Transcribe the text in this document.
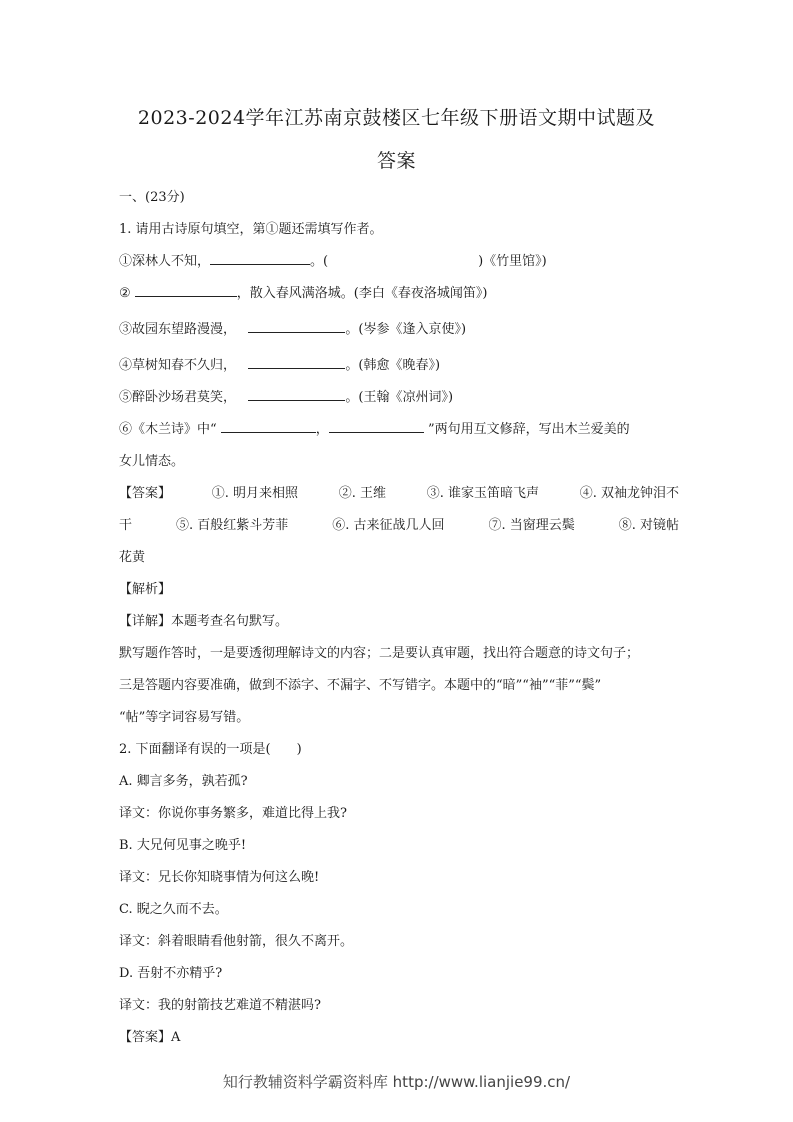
2023-2024学年江苏南京鼓楼区七年级下册语文期中试题及
答案
一、(23分)
1. 请用古诗原句填空，第①题还需填写作者。
①深林人不知，	。(	)《竹里馆》)
②	，散入春风满洛城。(李白《春夜洛城闻笛》)
③故园东望路漫漫，	。(岑参《逢入京使》)
④草树知春不久归，	。(韩愈《晚春》)
⑤醉卧沙场君莫笑，	。(王翰《凉州词》)
⑥《木兰诗》中“	，	”两句用互文修辞，写出木兰爱美的
女儿情态。
【答案】	①. 明月来相照	②. 王维	③. 谁家玉笛暗飞声	④. 双袖龙钟泪不
干	⑤. 百般红紫斗芳菲	⑥. 古来征战几人回	⑦. 当窗理云鬓	⑧. 对镜帖
花黄
【解析】
【详解】本题考查名句默写。
默写题作答时，一是要透彻理解诗文的内容；二是要认真审题，找出符合题意的诗文句子；
三是答题内容要准确，做到不添字、不漏字、不写错字。本题中的“暗”“袖”“菲”“鬓”
“帖”等字词容易写错。
2. 下面翻译有误的一项是(　　)
A. 卿言多务，孰若孤?
译文：你说你事务繁多，难道比得上我?
B. 大兄何见事之晚乎!
译文：兄长你知晓事情为何这么晚!
C. 睨之久而不去。
译文：斜着眼睛看他射箭，很久不离开。
D. 吾射不亦精乎?
译文：我的射箭技艺难道不精湛吗?
【答案】A
知行教辅资料学霸资料库 http://www.lianjie99.cn/
